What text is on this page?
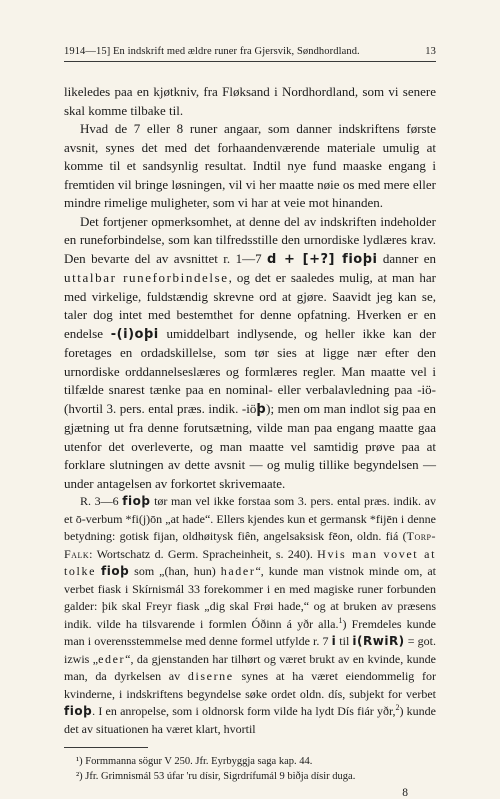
1914—15] En indskrift med ældre runer fra Gjersvik, Søndhordland.	13

likeledes paa en kjøtkniv, fra Fløksand i Nordhordland, som vi senere skal komme tilbake til.

Hvad de 7 eller 8 runer angaar, som danner indskriftens første avsnit, synes det med det forhaandenværende materiale umulig at komme til et sandsynlig resultat. Indtil nye fund maaske engang i fremtiden vil bringe løsningen, vil vi her maatte nøie os med mere eller mindre rimelige muligheter, som vi har at veie mot hinanden.

Det fortjener opmerksomhet, at denne del av indskriften indeholder en runeforbindelse, som kan tilfredsstille den urnordiske lydlæres krav. Den bevarte del av avsnittet r. 1—7 d + [+?] fioþi danner en uttalbar runeforbindelse, og det er saaledes mulig, at man har med virkelige, fuldstændig skrevne ord at gjøre. Saavidt jeg kan se, taler dog intet med bestemthet for denne opfatning. Hverken er en endelse -(i)oþi umiddelbart indlysende, og heller ikke kan der foretages en ordadskillelse, som tør sies at ligge nær efter den urnordiske orddannelseslæres og formlæres regler. Man maatte vel i tilfælde snarest tænke paa en nominal- eller verbalavledning paa -iö- (hvortil 3. pers. ental præs. indik. -iöþ); men om man indlot sig paa en gjætning ut fra denne forutsætning, vilde man paa engang maatte gaa utenfor det overleverte, og man maatte vel samtidig prøve paa at forklare slutningen av dette avsnit — og mulig tillike begyndelsen — under antagelsen av forkortet skrivemaate.

R. 3—6 fioþ tør man vel ikke forstaa som 3. pers. ental præs. indik. av et ō-verbum *fi(j)ōn „at hade“. Ellers kjendes kun et germansk *fijēn i denne betydning: gotisk fijan, oldhøitysk fiên, angelsaksisk fēon, oldn. fiá (Torp-Falk: Wortschatz d. Germ. Spracheinheit, s. 240). Hvis man vovet at tolke fioþ som „(han, hun) hader“, kunde man vistnok minde om, at verbet fiask i Skírnismál 33 forekommer i en med magiske runer forbunden galder: þik skal Freyr fiask „dig skal Frøi hade,“ og at bruken av præsens indik. vilde ha tilsvarende i formlen Óðinn á yðr alla.$^1$) Fremdeles kunde man i overensstemmelse med denne formel utfylde r. 7 i til i(RwiR) = got. izwis „eder“, da gjenstanden har tilhørt og været brukt av en kvinde, kunde man, da dyrkelsen av diserne synes at ha været eiendommelig for kvinderne, i indskriftens begyndelse søke ordet oldn. dís, subjekt for verbet fioþ. I en anropelse, som i oldnorsk form vilde ha lydt Dís fiár yðr,$^2$) kunde det av situationen ha været klart, hvortil

¹) Formmanna sögur V 250. Jfr. Eyrbyggja saga kap. 44.
²) Jfr. Grimnismál 53 úfar 'ru dísir, Sigrdrífumál 9 biðja dísir duga.
8
